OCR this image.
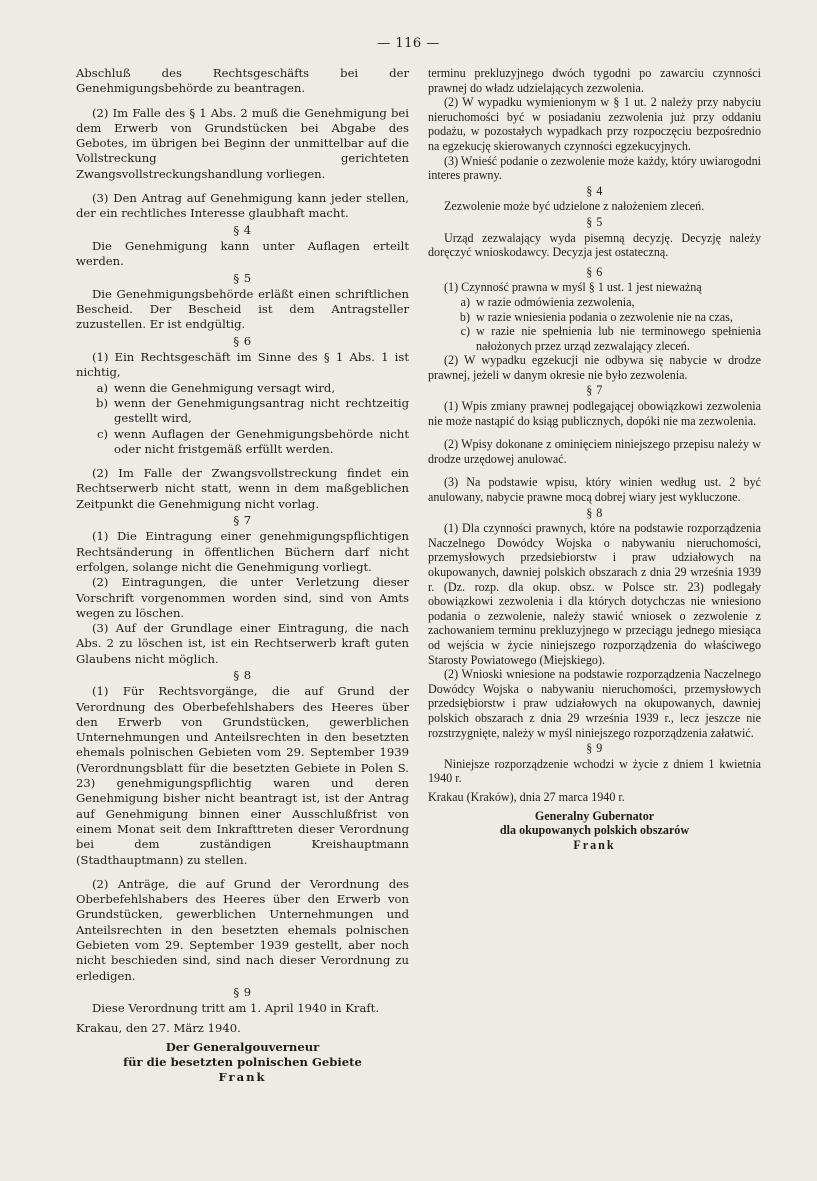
— 116 —

Abschluß des Rechtsgeschäfts bei der Genehmigungsbehörde zu beantragen.

(2) Im Falle des § 1 Abs. 2 muß die Genehmigung bei dem Erwerb von Grundstücken bei Abgabe des Gebotes, im übrigen bei Beginn der unmittelbar auf die Vollstreckung gerichteten Zwangsvollstreckungshandlung vorliegen.

(3) Den Antrag auf Genehmigung kann jeder stellen, der ein rechtliches Interesse glaubhaft macht.

§ 4

Die Genehmigung kann unter Auflagen erteilt werden.

§ 5

Die Genehmigungsbehörde erläßt einen schriftlichen Bescheid. Der Bescheid ist dem Antragsteller zuzustellen. Er ist endgültig.

§ 6

(1) Ein Rechtsgeschäft im Sinne des § 1 Abs. 1 ist nichtig,

a) wenn die Genehmigung versagt wird,
b) wenn der Genehmigungsantrag nicht rechtzeitig gestellt wird,
c) wenn Auflagen der Genehmigungsbehörde nicht oder nicht fristgemäß erfüllt werden.

(2) Im Falle der Zwangsvollstreckung findet ein Rechtserwerb nicht statt, wenn in dem maßgeblichen Zeitpunkt die Genehmigung nicht vorlag.

§ 7

(1) Die Eintragung einer genehmigungspflichtigen Rechtsänderung in öffentlichen Büchern darf nicht erfolgen, solange nicht die Genehmigung vorliegt.

(2) Eintragungen, die unter Verletzung dieser Vorschrift vorgenommen worden sind, sind von Amts wegen zu löschen.

(3) Auf der Grundlage einer Eintragung, die nach Abs. 2 zu löschen ist, ist ein Rechtserwerb kraft guten Glaubens nicht möglich.

§ 8

(1) Für Rechtsvorgänge, die auf Grund der Verordnung des Oberbefehlshabers des Heeres über den Erwerb von Grundstücken, gewerblichen Unternehmungen und Anteilsrechten in den besetzten ehemals polnischen Gebieten vom 29. September 1939 (Verordnungsblatt für die besetzten Gebiete in Polen S. 23) genehmigungspflichtig waren und deren Genehmigung bisher nicht beantragt ist, ist der Antrag auf Genehmigung binnen einer Ausschlußfrist von einem Monat seit dem Inkrafttreten dieser Verordnung bei dem zuständigen Kreishauptmann (Stadthauptmann) zu stellen.

(2) Anträge, die auf Grund der Verordnung des Oberbefehlshabers des Heeres über den Erwerb von Grundstücken, gewerblichen Unternehmungen und Anteilsrechten in den besetzten ehemals polnischen Gebieten vom 29. September 1939 gestellt, aber noch nicht beschieden sind, sind nach dieser Verordnung zu erledigen.

§ 9

Diese Verordnung tritt am 1. April 1940 in Kraft.

Krakau, den 27. März 1940.

Der Generalgouverneur

für die besetzten polnischen Gebiete

Frank

terminu prekluzyjnego dwóch tygodni po zawarciu czynności prawnej do władz udzielających zezwolenia.

(2) W wypadku wymienionym w § 1 ut. 2 należy przy nabyciu nieruchomości być w posiadaniu zezwolenia już przy oddaniu podażu, w pozostałych wypadkach przy rozpoczęciu bezpośrednio na egzekucję skierowanych czynności egzekucyjnych.

(3) Wnieść podanie o zezwolenie może każdy, który uwiarogodni interes prawny.

§ 4

Zezwolenie może być udzielone z nałożeniem zleceń.

§ 5

Urząd zezwalający wyda pisemną decyzję. Decyzję należy doręczyć wnioskodawcy. Decyzja jest ostateczną.

§ 6

(1) Czynność prawna w myśl § 1 ust. 1 jest nieważną

a) w razie odmówienia zezwolenia,
b) w razie wniesienia podania o zezwolenie nie na czas,
c) w razie nie spełnienia lub nie terminowego spełnienia nałożonych przez urząd zezwalający zleceń.

(2) W wypadku egzekucji nie odbywa się nabycie w drodze prawnej, jeżeli w danym okresie nie było zezwolenia.

§ 7

(1) Wpis zmiany prawnej podlegającej obowiązkowi zezwolenia nie może nastąpić do ksiąg publicznych, dopóki nie ma zezwolenia.

(2) Wpisy dokonane z ominięciem niniejszego przepisu należy w drodze urzędowej anulować.

(3) Na podstawie wpisu, który winien według ust. 2 być anulowany, nabycie prawne mocą dobrej wiary jest wykluczone.

§ 8

(1) Dla czynności prawnych, które na podstawie rozporządzenia Naczelnego Dowódcy Wojska o nabywaniu nieruchomości, przemysłowych przedsiebiorstw i praw udziałowych na okupowanych, dawniej polskich obszarach z dnia 29 września 1939 r. (Dz. rozp. dla okup. obsz. w Polsce str. 23) podlegały obowiązkowi zezwolenia i dla których dotychczas nie wniesiono podania o zezwolenie, należy stawić wniosek o zezwolenie z zachowaniem terminu prekluzyjnego w przeciągu jednego miesiąca od wejścia w życie niniejszego rozporządzenia do właściwego Starosty Powiatowego (Miejskiego).

(2) Wnioski wniesione na podstawie rozporządzenia Naczelnego Dowódcy Wojska o nabywaniu nieruchomości, przemysłowych przedsiębiorstw i praw udziałowych na okupowanych, dawniej polskich obszarach z dnia 29 września 1939 r., lecz jeszcze nie rozstrzygnięte, należy w myśl niniejszego rozporządzenia załatwić.

§ 9

Niniejsze rozporządzenie wchodzi w życie z dniem 1 kwietnia 1940 r.

Krakau (Kraków), dnia 27 marca 1940 r.

Generalny Gubernator

dla okupowanych polskich obszarów

Frank
